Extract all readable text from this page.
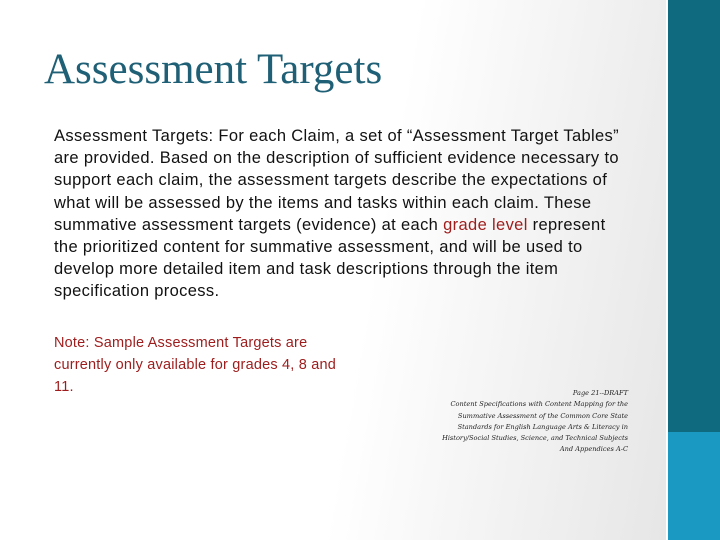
Assessment Targets

Assessment Targets: For each Claim, a set of “Assessment Target Tables” are provided. Based on the description of sufficient evidence necessary to support each claim, the assessment targets describe the expectations of what will be assessed by the items and tasks within each claim. These summative assessment targets (evidence) at each grade level represent the prioritized content for summative assessment, and will be used to develop more detailed item and task descriptions through the item specification process.

Note: Sample Assessment Targets are currently only available for grades 4, 8 and 11.	Page 21--DRAFT
Content Specifications with Content Mapping for the
Summative Assessment of the Common Core State
Standards for English Language Arts & Literacy in
History/Social Studies, Science, and Technical Subjects
And Appendices A-C
